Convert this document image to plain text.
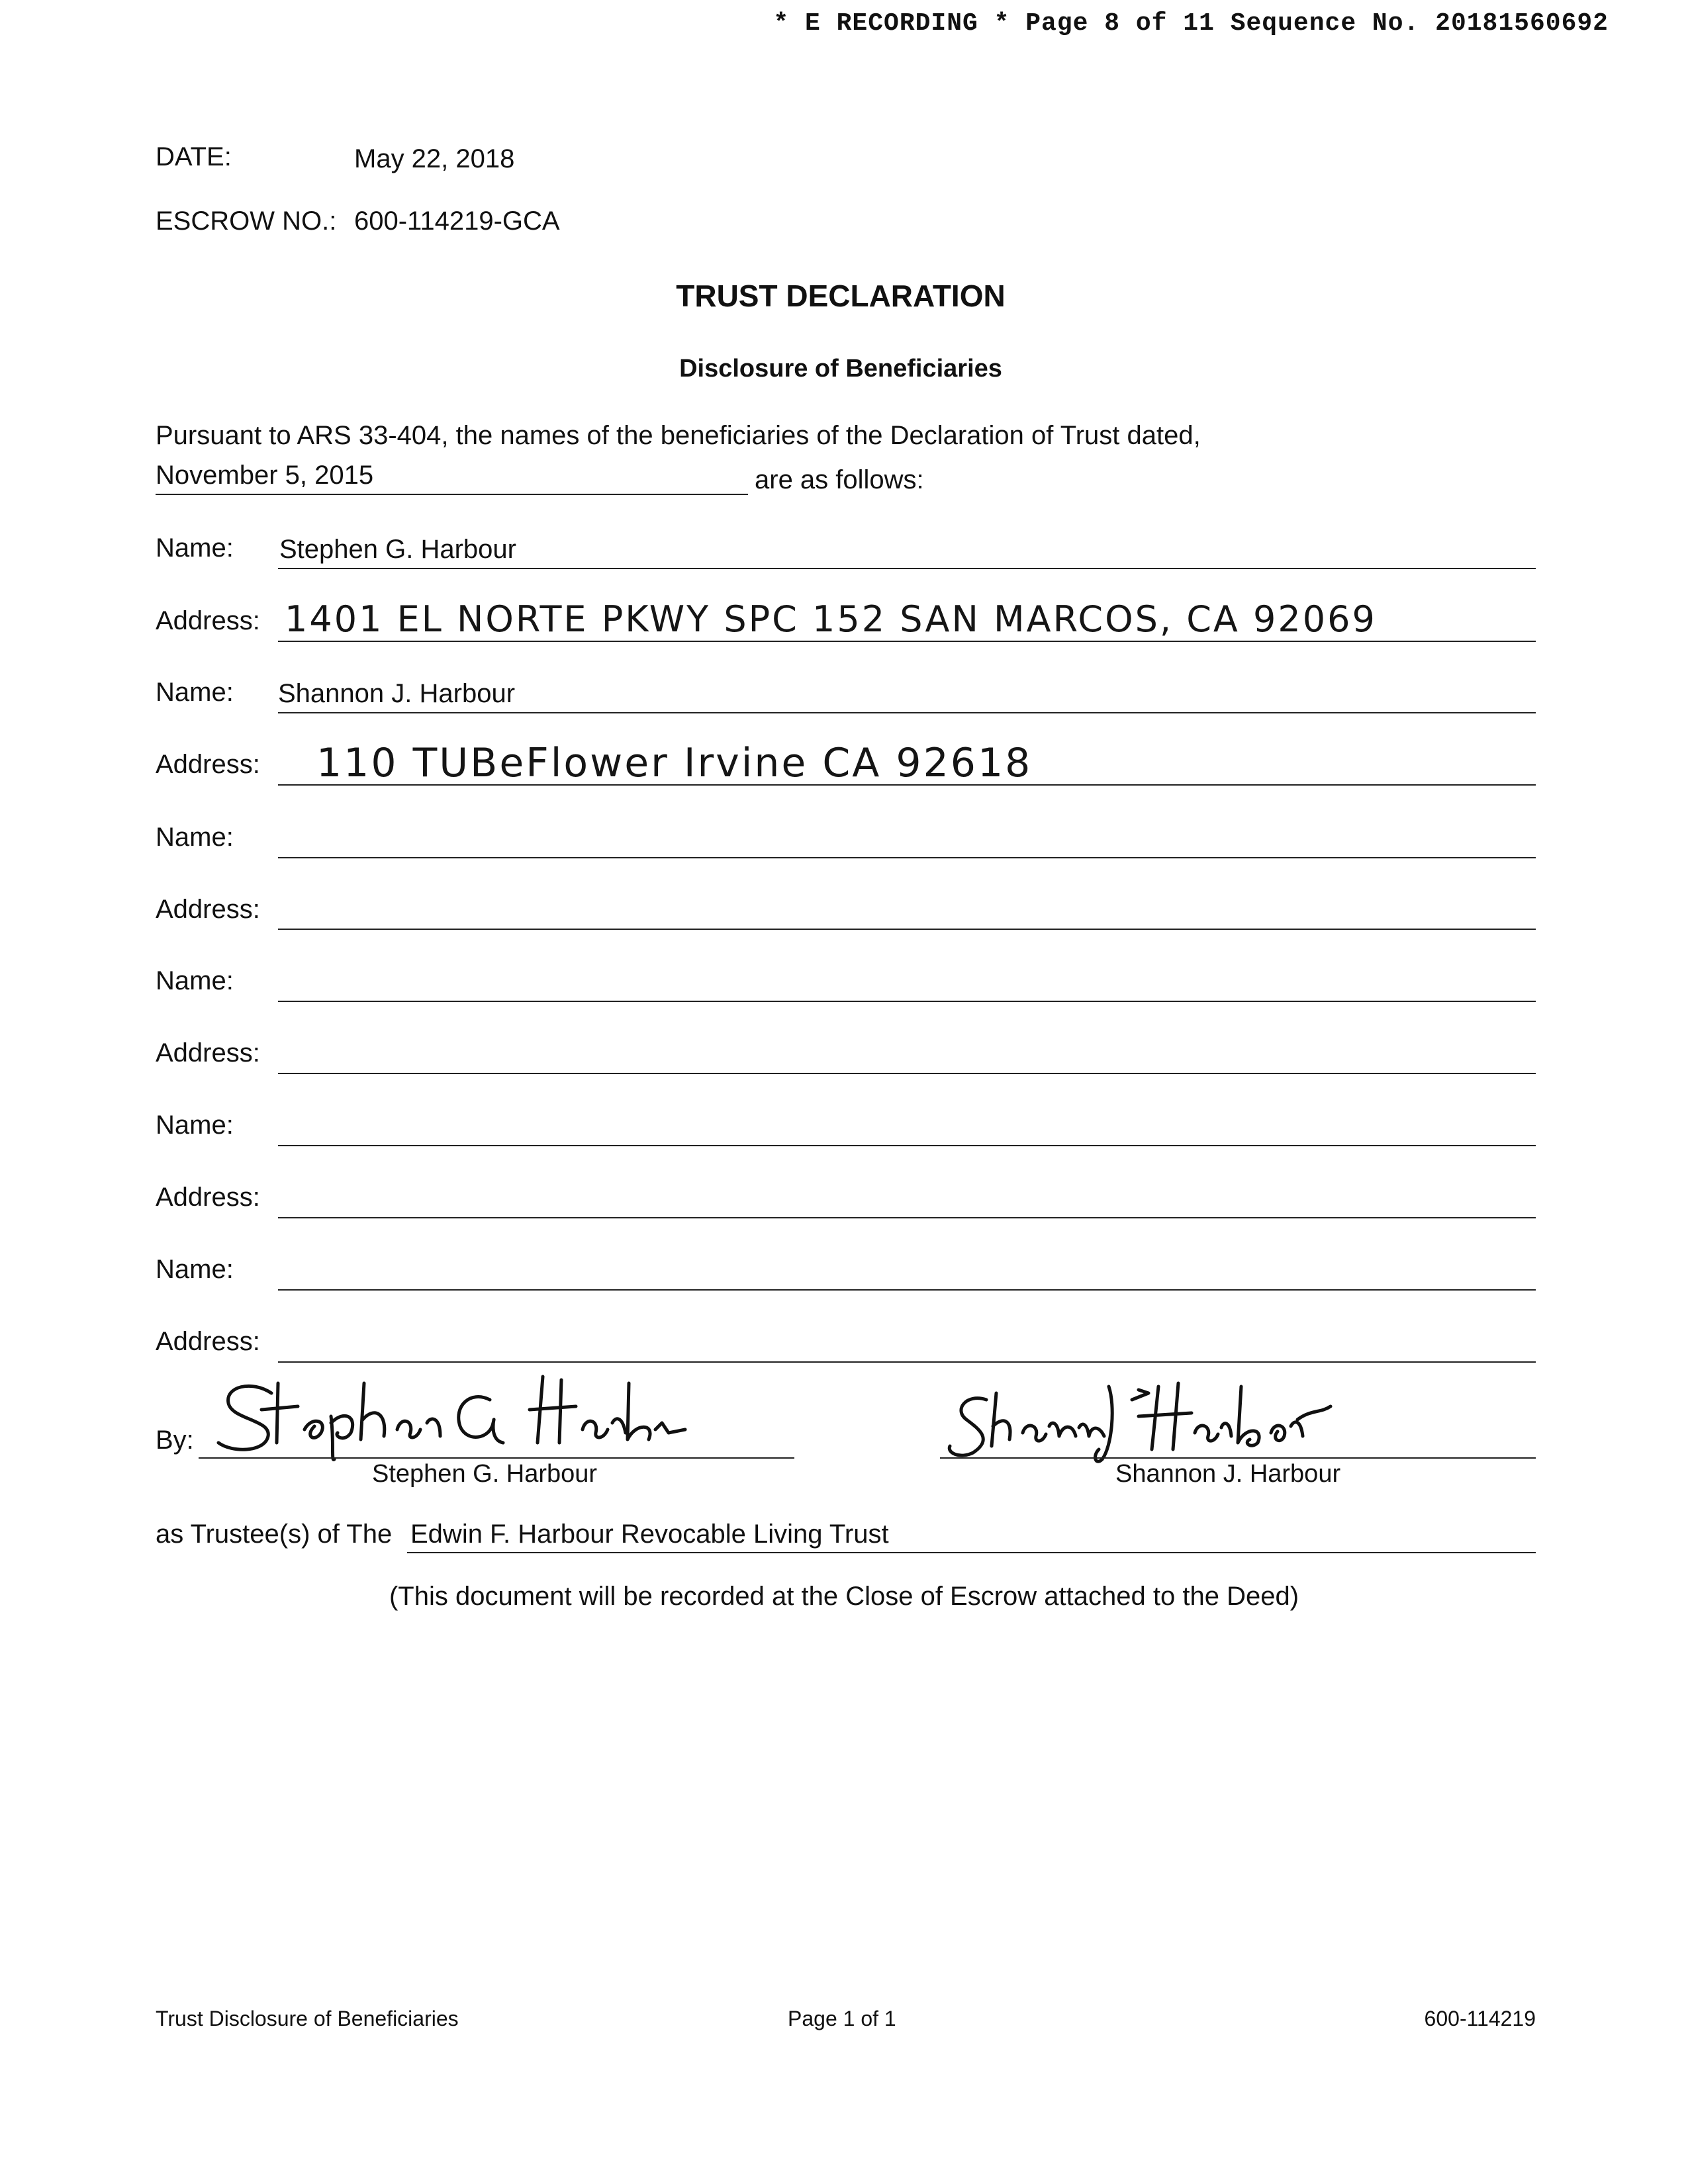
* E RECORDING * Page 8 of 11 Sequence No. 20181560692
DATE:	May 22, 2018
ESCROW NO.: 600-114219-GCA
TRUST DECLARATION
Disclosure of Beneficiaries
Pursuant to ARS 33-404, the names of the beneficiaries of the Declaration of Trust dated,
November 5, 2015	are as follows:
Name: Stephen G. Harbour
Address: 1401 EL NORTE PKWY SPC 152 SAN MARCOS, CA 92069
Name: Shannon J. Harbour
Address: 110 TUBeFlower Irvine CA 92618
Name:
Address:
Name:
Address:
Name:
Address:
Name:
Address:
By:
Stephen G. Harbour	Shannon J. Harbour
as Trustee(s) of The Edwin F. Harbour Revocable Living Trust
(This document will be recorded at the Close of Escrow attached to the Deed)
Trust Disclosure of Beneficiaries	Page 1 of 1	600-114219
